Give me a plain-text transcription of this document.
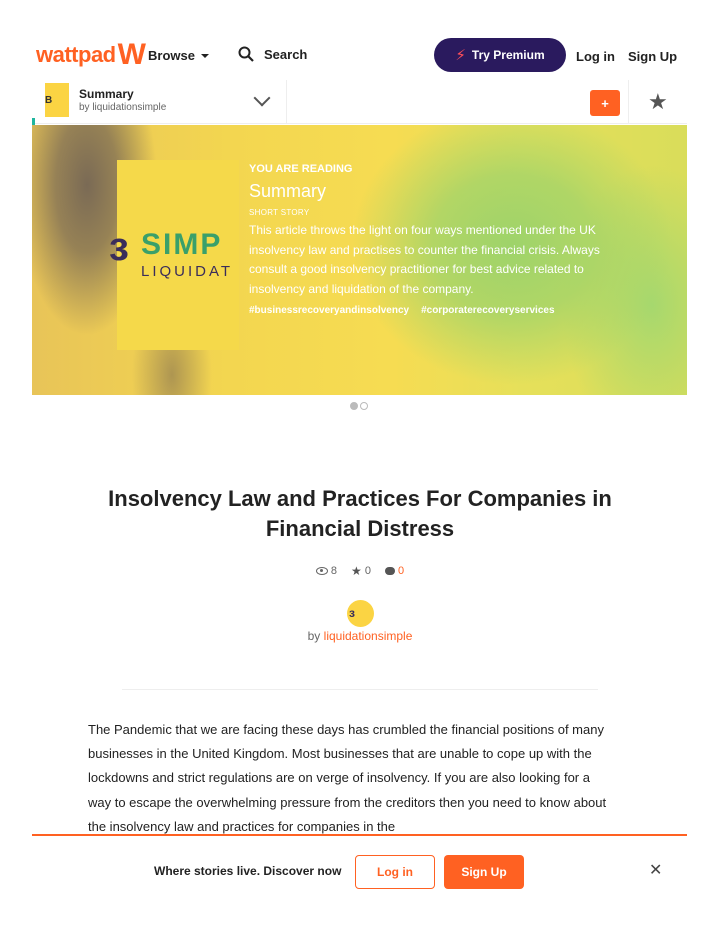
wattpad W Browse	Search	⚡ Try Premium Log in Sign Up
B Summary
by liquidationsimple	+	★
ɜ SIMP
LIQUIDAT
YOU ARE READING
Summary
SHORT STORY
This article throws the light on four ways mentioned under the UK insolvency law and practises to counter the financial crisis. Always consult a good insolvency practitioner for best advice related to insolvency and liquidation of the company.
#businessrecoveryandinsolvency #corporaterecoveryservices
Insolvency Law and Practices For Companies in Financial Distress
8 ★ 0 0
ɜ
by liquidationsimple

The Pandemic that we are facing these days has crumbled the financial positions of many businesses in the United Kingdom. Most businesses that are unable to cope up with the lockdowns and strict regulations are on verge of insolvency. If you are also looking for a way to escape the overwhelming pressure from the creditors then you need to know about the insolvency law and practices for companies in the

Where stories live. Discover now	Log in	Sign Up	✕
